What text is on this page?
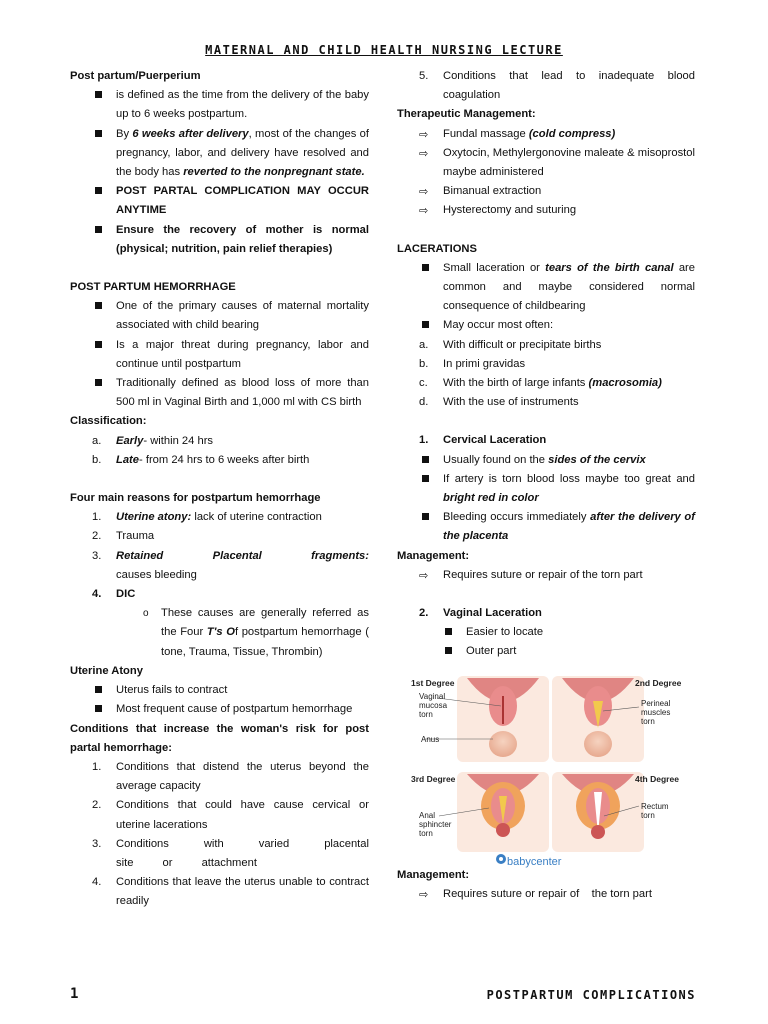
MATERNAL AND CHILD HEALTH NURSING LECTURE
Post partum/Puerperium
is defined as the time from the delivery of the baby up to 6 weeks postpartum.
By 6 weeks after delivery, most of the changes of pregnancy, labor, and delivery have resolved and the body has reverted to the nonpregnant state.
POST PARTAL COMPLICATION MAY OCCUR ANYTIME
Ensure the recovery of mother is normal (physical; nutrition, pain relief therapies)
POST PARTUM HEMORRHAGE
One of the primary causes of maternal mortality associated with child bearing
Is a major threat during pregnancy, labor and continue until postpartum
Traditionally defined as blood loss of more than 500 ml in Vaginal Birth and 1,000 ml with CS birth
Classification:
a. Early- within 24 hrs
b. Late- from 24 hrs to 6 weeks after birth
Four main reasons for postpartum hemorrhage
1. Uterine atony: lack of uterine contraction
2. Trauma
3. Retained Placental fragments: causes bleeding
4. DIC
o These causes are generally referred as the Four T's Of postpartum hemorrhage ( tone, Trauma, Tissue, Thrombin)
Uterine Atony
Uterus fails to contract
Most frequent cause of postpartum hemorrhage
Conditions that increase the woman's risk for post partal hemorrhage:
1. Conditions that distend the uterus beyond the average capacity
2. Conditions that could have cause cervical or uterine lacerations
3. Conditions with varied placental site or attachment
4. Conditions that leave the uterus unable to contract readily
5. Conditions that lead to inadequate blood coagulation
Therapeutic Management:
⇨ Fundal massage (cold compress)
⇨ Oxytocin, Methylergonovine maleate & misoprostol maybe administered
⇨ Bimanual extraction
⇨ Hysterectomy and suturing
LACERATIONS
Small laceration or tears of the birth canal are common and maybe considered normal consequence of childbearing
May occur most often:
a. With difficult or precipitate births
b. In primi gravidas
c. With the birth of large infants (macrosomia)
d. With the use of instruments
1. Cervical Laceration
Usually found on the sides of the cervix
If artery is torn blood loss maybe too great and bright red in color
Bleeding occurs immediately after the delivery of the placenta
Management:
⇨ Requires suture or repair of the torn part
2. Vaginal Laceration
Easier to locate
Outer part
1st Degree	2nd Degree
3rd Degree	4th Degree
Vaginal mucosa torn
Anus
Perineal muscles torn
Anal sphincter torn
Rectum torn
babycenter
Management:
⇨ Requires suture or repair of    the torn part
1	POSTPARTUM COMPLICATIONS
